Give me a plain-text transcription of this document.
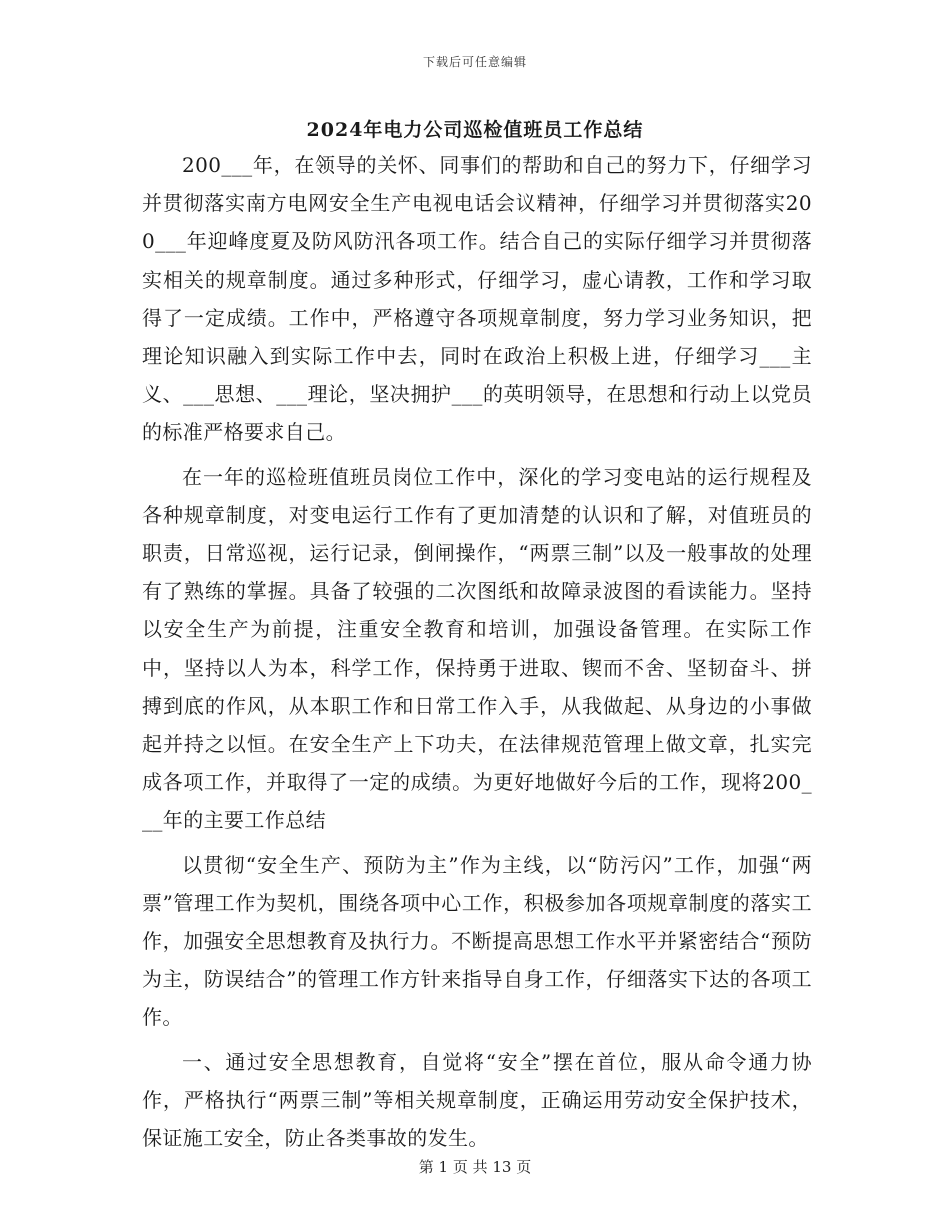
下载后可任意编辑
2024年电力公司巡检值班员工作总结

200___年，在领导的关怀、同事们的帮助和自己的努力下，仔细学习并贯彻落实南方电网安全生产电视电话会议精神，仔细学习并贯彻落实200___年迎峰度夏及防风防汛各项工作。结合自己的实际仔细学习并贯彻落实相关的规章制度。通过多种形式，仔细学习，虚心请教，工作和学习取得了一定成绩。工作中，严格遵守各项规章制度，努力学习业务知识，把理论知识融入到实际工作中去，同时在政治上积极上进，仔细学习___主义、___思想、___理论，坚决拥护___的英明领导，在思想和行动上以党员的标准严格要求自己。

在一年的巡检班值班员岗位工作中，深化的学习变电站的运行规程及各种规章制度，对变电运行工作有了更加清楚的认识和了解，对值班员的职责，日常巡视，运行记录，倒闸操作，“两票三制”以及一般事故的处理有了熟练的掌握。具备了较强的二次图纸和故障录波图的看读能力。坚持以安全生产为前提，注重安全教育和培训，加强设备管理。在实际工作中，坚持以人为本，科学工作，保持勇于进取、锲而不舍、坚韧奋斗、拼搏到底的作风，从本职工作和日常工作入手，从我做起、从身边的小事做起并持之以恒。在安全生产上下功夫，在法律规范管理上做文章，扎实完成各项工作，并取得了一定的成绩。为更好地做好今后的工作，现将200___年的主要工作总结

以贯彻“安全生产、预防为主”作为主线，以“防污闪”工作，加强“两票”管理工作为契机，围绕各项中心工作，积极参加各项规章制度的落实工作，加强安全思想教育及执行力。不断提高思想工作水平并紧密结合“预防为主，防误结合”的管理工作方针来指导自身工作，仔细落实下达的各项工作。

一、通过安全思想教育，自觉将“安全”摆在首位，服从命令通力协作，严格执行“两票三制”等相关规章制度，正确运用劳动安全保护技术，保证施工安全，防止各类事故的发生。

第 1 页 共 13 页
